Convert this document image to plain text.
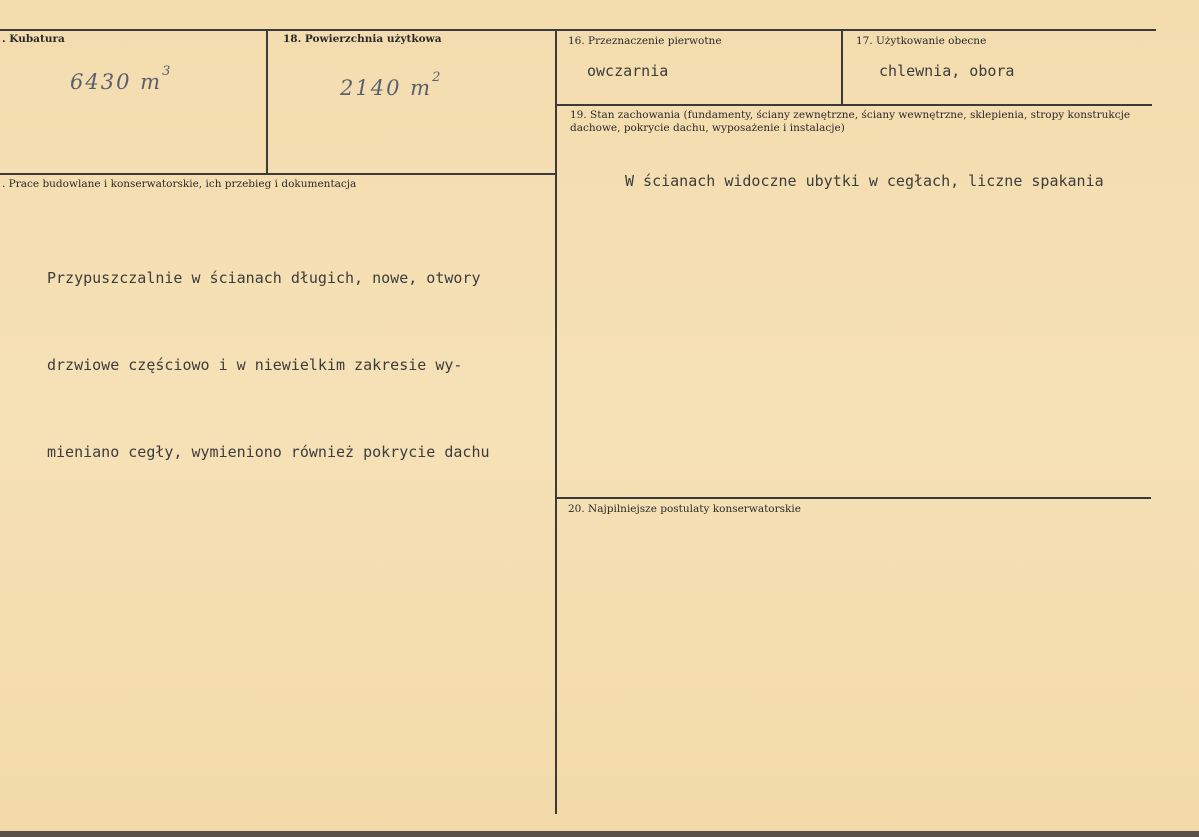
. Kubatura
6430 $m^3$
18. Powierzchnia użytkowa
2140 $m^2$
16. Przeznaczenie pierwotne
owczarnia
17. Użytkowanie obecne
chlewnia, obora
19. Stan zachowania (fundamenty, ściany zewnętrzne, ściany wewnętrzne, sklepienia, stropy konstrukcje dachowe, pokrycie dachu, wyposażenie i instalacje)
W ścianach widoczne ubytki w cegłach, liczne spakania
. Prace budowlane i konserwatorskie, ich przebieg i dokumentacja

Przypuszczalnie w ścianach długich, nowe, otwory

drzwiowe częściowo i w niewielkim zakresie wy-

mieniano cegły, wymieniono również pokrycie dachu

20. Najpilniejsze postulaty konserwatorskie
